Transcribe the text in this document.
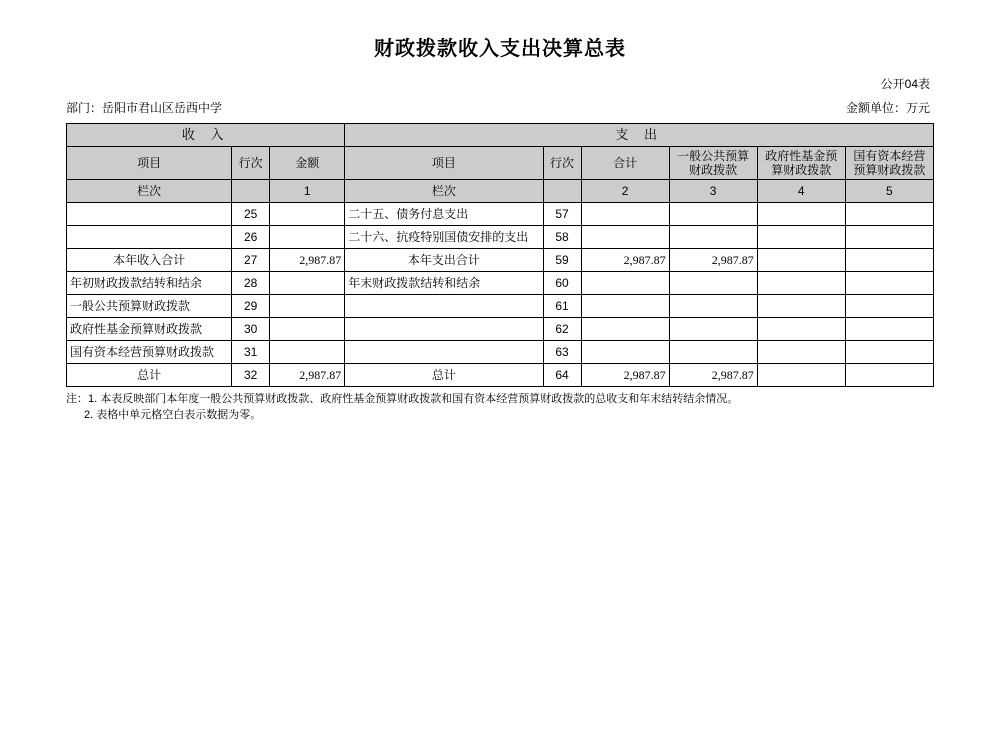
财政拨款收入支出决算总表
公开04表
部门：岳阳市君山区岳西中学	金额单位：万元
收 入			支 出					
项目	行次	金额	项目	行次	合计	一般公共预算财政拨款	政府性基金预算财政拨款	国有资本经营预算财政拨款
栏次		1	栏次		2	3	4	5
	25		二十五、债务付息支出	57				
	26		二十六、抗疫特别国债安排的支出	58				
本年收入合计	27	2,987.87	本年支出合计	59	2,987.87	2,987.87		
年初财政拨款结转和结余	28		年末财政拨款结转和结余	60				
一般公共预算财政拨款	29			61				
政府性基金预算财政拨款	30			62				
国有资本经营预算财政拨款	31			63				
总计	32	2,987.87	总计	64	2,987.87	2,987.87		
注：1. 本表反映部门本年度一般公共预算财政拨款、政府性基金预算财政拨款和国有资本经营预算财政拨款的总收支和年末结转结余情况。
2. 表格中单元格空白表示数据为零。
